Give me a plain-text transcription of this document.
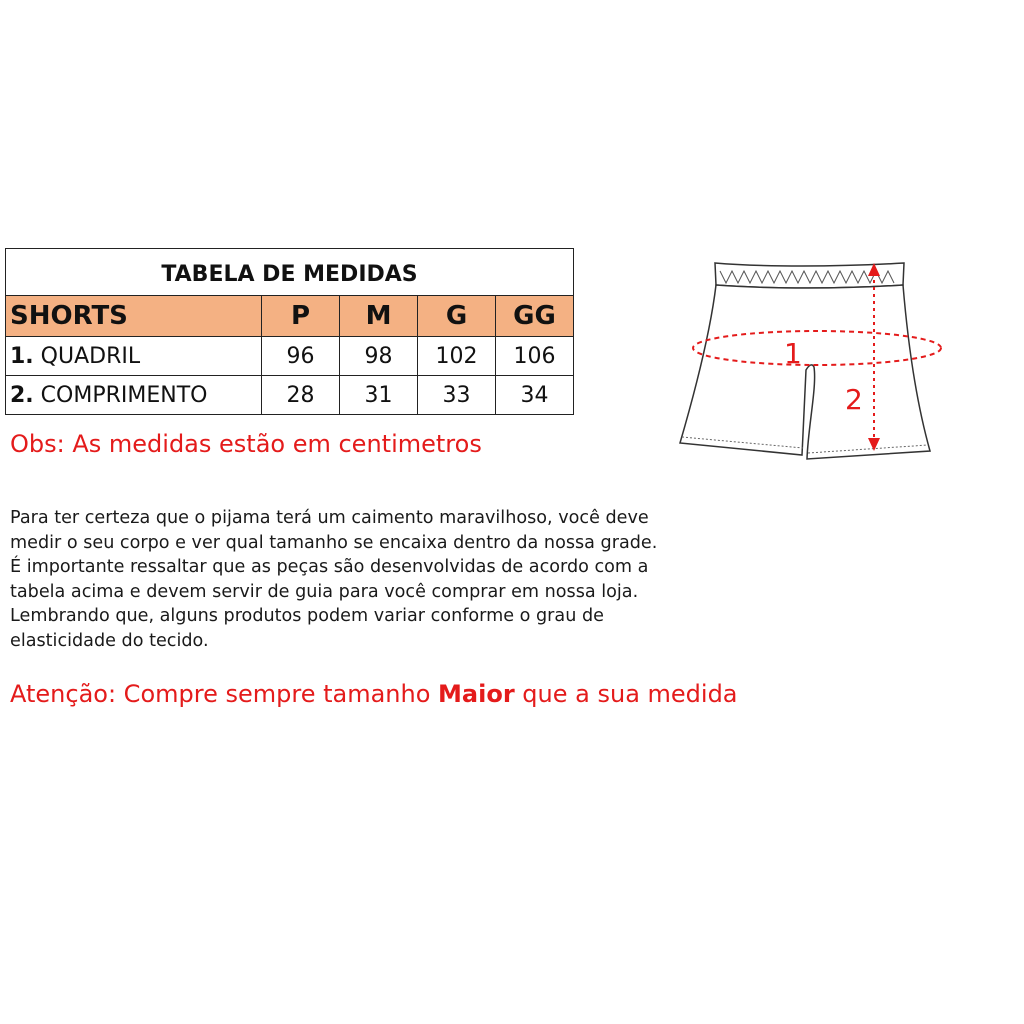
TABELA DE MEDIDAS				
SHORTS	P	M	G	GG
1. QUADRIL	96	98	102	106
2. COMPRIMENTO	28	31	33	34

Obs: As medidas estão em centimetros

Para ter certeza que o pijama terá um caimento maravilhoso, você deve
medir o seu corpo e ver qual tamanho se encaixa dentro da nossa grade.
É importante ressaltar que as peças são desenvolvidas de acordo com a
tabela acima e devem servir de guia para você comprar em nossa loja.
Lembrando que, alguns produtos podem variar conforme o grau de
elasticidade do tecido.

Atenção: Compre sempre tamanho Maior que a sua medida

1
2
